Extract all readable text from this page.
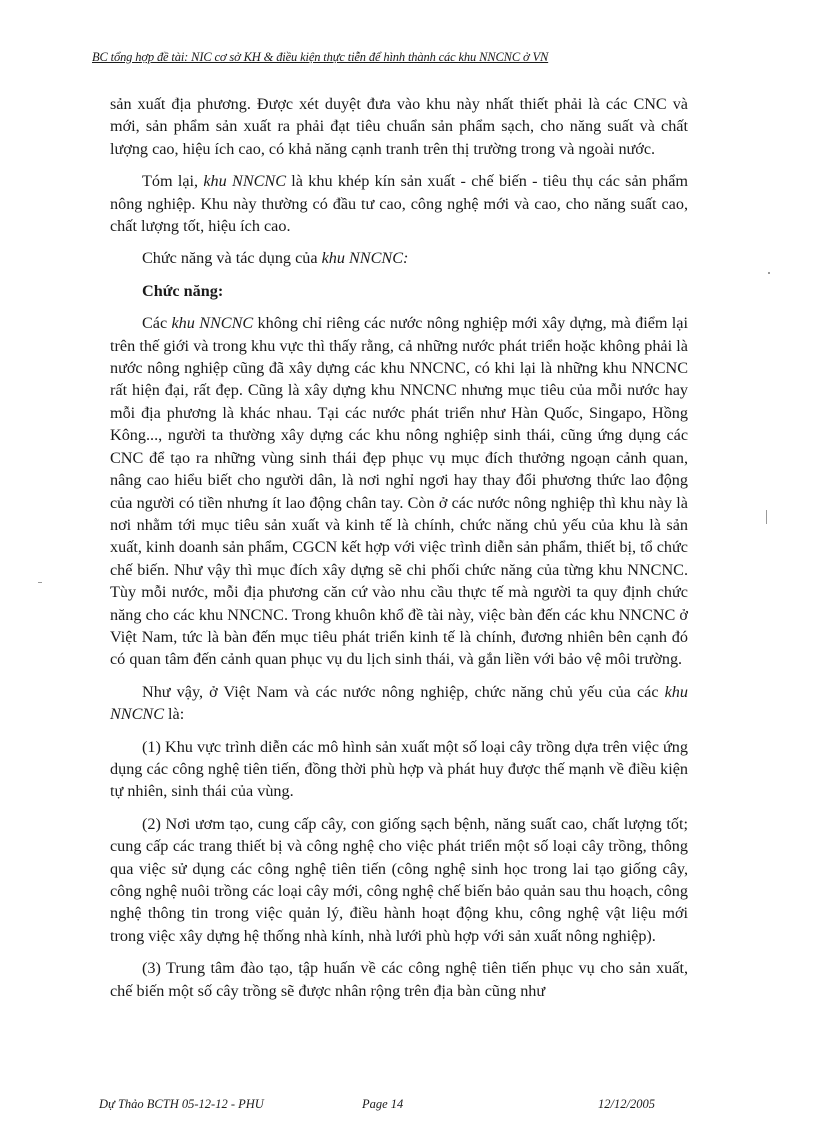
BC tổng hợp đề tài: NIC cơ sở KH & điều kiện thực tiễn để hình thành các khu NNCNC ở VN

sản xuất địa phương. Được xét duyệt đưa vào khu này nhất thiết phải là các CNC và mới, sản phẩm sản xuất ra phải đạt tiêu chuẩn sản phẩm sạch, cho năng suất và chất lượng cao, hiệu ích cao, có khả năng cạnh tranh trên thị trường trong và ngoài nước.

Tóm lại, khu NNCNC là khu khép kín sản xuất - chế biến - tiêu thụ các sản phẩm nông nghiệp. Khu này thường có đầu tư cao, công nghệ mới và cao, cho năng suất cao, chất lượng tốt, hiệu ích cao.

Chức năng và tác dụng của khu NNCNC:

Chức năng:

Các khu NNCNC không chỉ riêng các nước nông nghiệp mới xây dựng, mà điểm lại trên thế giới và trong khu vực thì thấy rằng, cả những nước phát triển hoặc không phải là nước nông nghiệp cũng đã xây dựng các khu NNCNC, có khi lại là những khu NNCNC rất hiện đại, rất đẹp. Cũng là xây dựng khu NNCNC nhưng mục tiêu của mỗi nước hay mỗi địa phương là khác nhau. Tại các nước phát triển như Hàn Quốc, Singapo, Hồng Kông..., người ta thường xây dựng các khu nông nghiệp sinh thái, cũng ứng dụng các CNC để tạo ra những vùng sinh thái đẹp phục vụ mục đích thưởng ngoạn cảnh quan, nâng cao hiểu biết cho người dân, là nơi nghỉ ngơi hay thay đổi phương thức lao động của người có tiền nhưng ít lao động chân tay. Còn ở các nước nông nghiệp thì khu này là nơi nhằm tới mục tiêu sản xuất và kinh tế là chính, chức năng chủ yếu của khu là sản xuất, kinh doanh sản phẩm, CGCN kết hợp với việc trình diễn sản phẩm, thiết bị, tổ chức chế biến. Như vậy thì mục đích xây dựng sẽ chi phối chức năng của từng khu NNCNC. Tùy mỗi nước, mỗi địa phương căn cứ vào nhu cầu thực tế mà người ta quy định chức năng cho các khu NNCNC. Trong khuôn khổ đề tài này, việc bàn đến các khu NNCNC ở Việt Nam, tức là bàn đến mục tiêu phát triển kinh tế là chính, đương nhiên bên cạnh đó có quan tâm đến cảnh quan phục vụ du lịch sinh thái, và gắn liền với bảo vệ môi trường.

Như vậy, ở Việt Nam và các nước nông nghiệp, chức năng chủ yếu của các khu NNCNC là:

(1) Khu vực trình diễn các mô hình sản xuất một số loại cây trồng dựa trên việc ứng dụng các công nghệ tiên tiến, đồng thời phù hợp và phát huy được thế mạnh về điều kiện tự nhiên, sinh thái của vùng.

(2) Nơi ươm tạo, cung cấp cây, con giống sạch bệnh, năng suất cao, chất lượng tốt; cung cấp các trang thiết bị và công nghệ cho việc phát triển một số loại cây trồng, thông qua việc sử dụng các công nghệ tiên tiến (công nghệ sinh học trong lai tạo giống cây, công nghệ nuôi trồng các loại cây mới, công nghệ chế biến bảo quản sau thu hoạch, công nghệ thông tin trong việc quản lý, điều hành hoạt động khu, công nghệ vật liệu mới trong việc xây dựng hệ thống nhà kính, nhà lưới phù hợp với sản xuất nông nghiệp).

(3) Trung tâm đào tạo, tập huấn về các công nghệ tiên tiến phục vụ cho sản xuất, chế biến một số cây trồng sẽ được nhân rộng trên địa bàn cũng như

Dự Thảo BCTH 05-12-12 - PHU	Page 14	12/12/2005
